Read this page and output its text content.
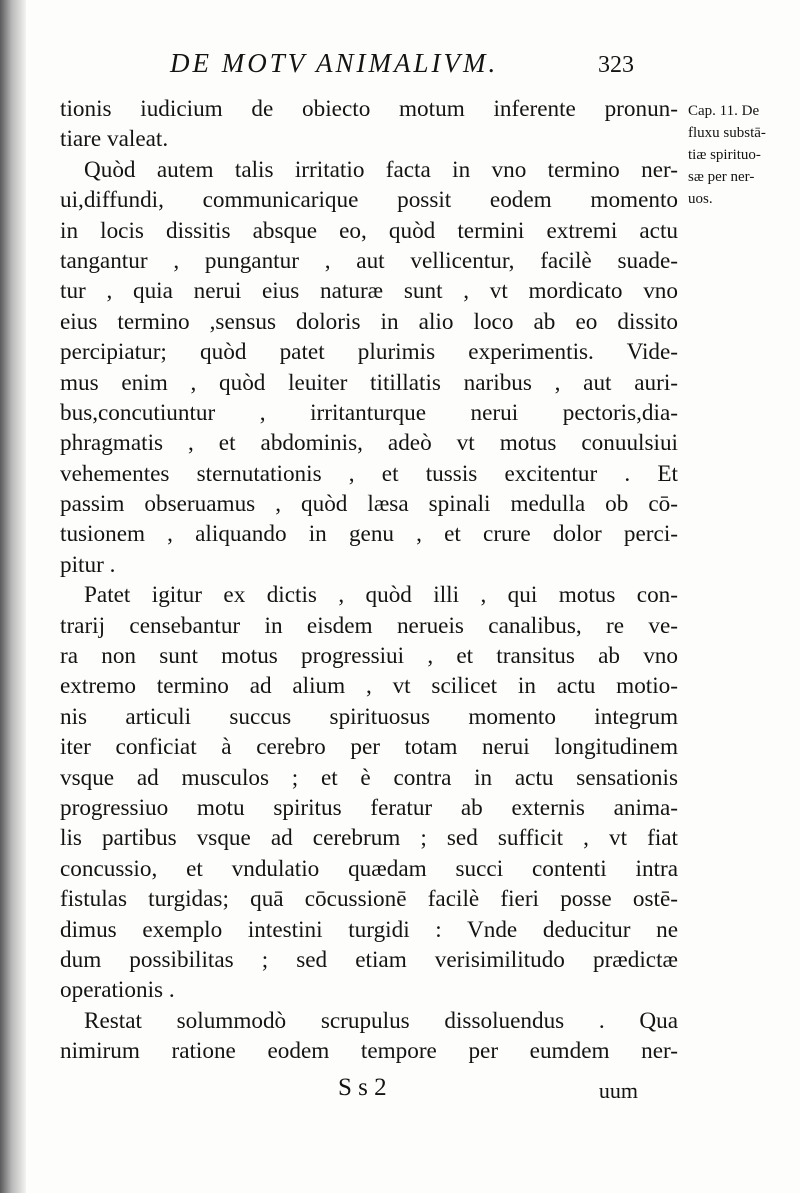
DE MOTV ANIMALIVM.	323
Cap. 11. De
fluxu substā-
tiæ spirituo-
sæ per ner-
uos.
tionis iudicium de obiecto motum inferente pronun-
tiare valeat.
Quòd autem talis irritatio facta in vno termino ner-
ui,diffundi, communicarique possit eodem momento
in locis dissitis absque eo, quòd termini extremi actu
tangantur , pungantur , aut vellicentur, facilè suade-
tur , quia nerui eius naturæ sunt , vt mordicato vno
eius termino ,sensus doloris in alio loco ab eo dissito
percipiatur; quòd patet plurimis experimentis. Vide-
mus enim , quòd leuiter titillatis naribus , aut auri-
bus,concutiuntur , irritanturque nerui pectoris,dia-
phragmatis , et abdominis, adeò vt motus conuulsiui
vehementes sternutationis , et tussis excitentur . Et
passim obseruamus , quòd læsa spinali medulla ob cō-
tusionem , aliquando in genu , et crure dolor perci-
pitur .
Patet igitur ex dictis , quòd illi , qui motus con-
trarij censebantur in eisdem nerueis canalibus, re ve-
ra non sunt motus progressiui , et transitus ab vno
extremo termino ad alium , vt scilicet in actu motio-
nis articuli succus spirituosus momento integrum
iter conficiat à cerebro per totam nerui longitudinem
vsque ad musculos ; et è contra in actu sensationis
progressiuo motu spiritus feratur ab externis anima-
lis partibus vsque ad cerebrum ; sed sufficit , vt fiat
concussio, et vndulatio quædam succi contenti intra
fistulas turgidas; quā cōcussionē facilè fieri posse ostē-
dimus exemplo intestini turgidi : Vnde deducitur ne
dum possibilitas ; sed etiam verisimilitudo prædictæ
operationis .
Restat solummodò scrupulus dissoluendus . Qua
nimirum ratione eodem tempore per eumdem ner-
S s 2	uum
